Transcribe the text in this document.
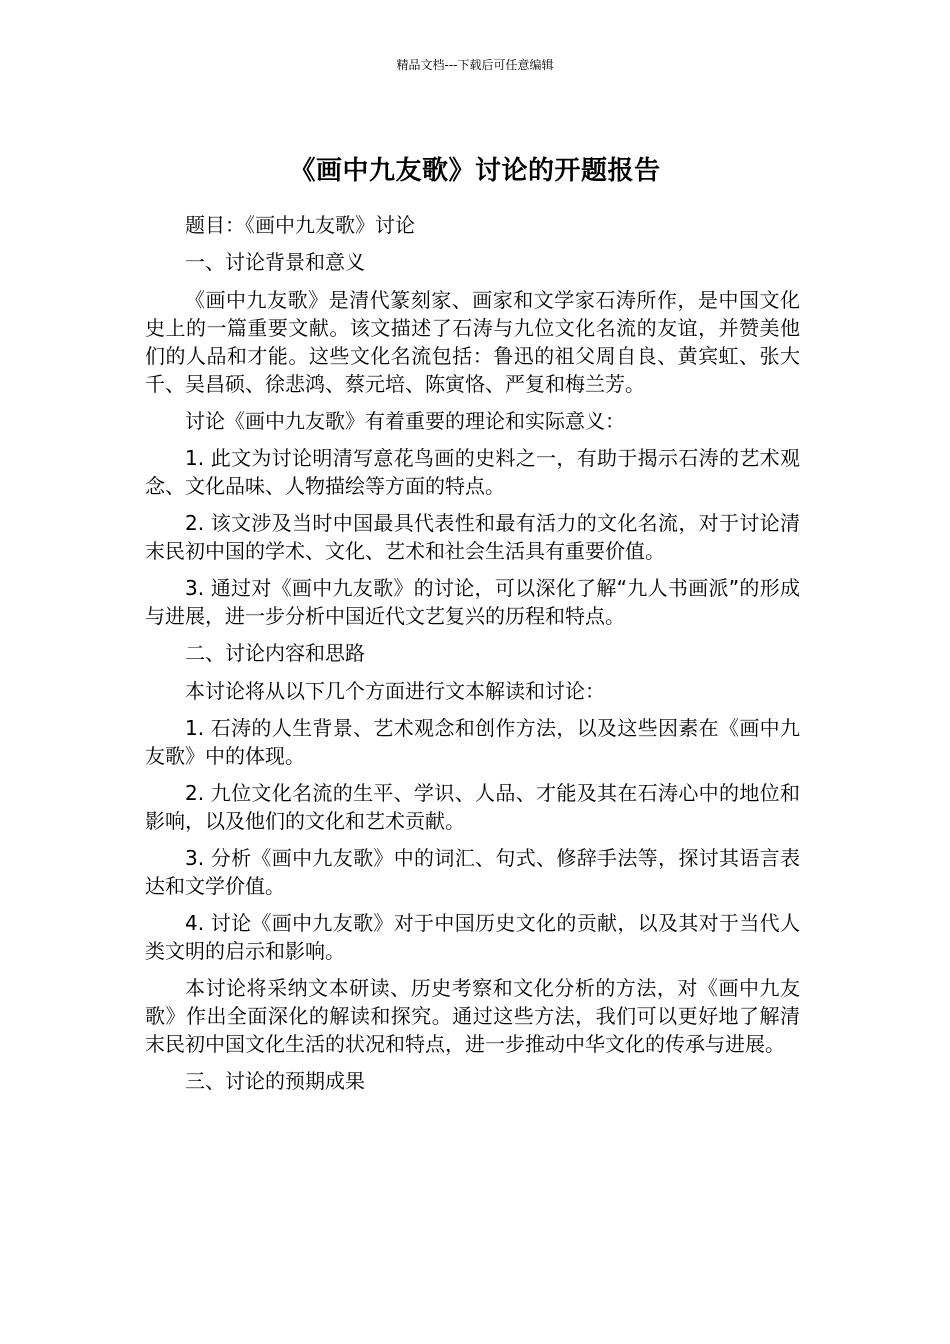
精品文档---下载后可任意编辑
《画中九友歌》讨论的开题报告

题目：《画中九友歌》讨论

一、讨论背景和意义

《画中九友歌》是清代篆刻家、画家和文学家石涛所作，是中国文化史上的一篇重要文献。该文描述了石涛与九位文化名流的友谊，并赞美他们的人品和才能。这些文化名流包括：鲁迅的祖父周自良、黄宾虹、张大千、吴昌硕、徐悲鸿、蔡元培、陈寅恪、严复和梅兰芳。

讨论《画中九友歌》有着重要的理论和实际意义：

1. 此文为讨论明清写意花鸟画的史料之一，有助于揭示石涛的艺术观念、文化品味、人物描绘等方面的特点。

2. 该文涉及当时中国最具代表性和最有活力的文化名流，对于讨论清末民初中国的学术、文化、艺术和社会生活具有重要价值。

3. 通过对《画中九友歌》的讨论，可以深化了解“九人书画派”的形成与进展，进一步分析中国近代文艺复兴的历程和特点。

二、讨论内容和思路

本讨论将从以下几个方面进行文本解读和讨论：

1. 石涛的人生背景、艺术观念和创作方法，以及这些因素在《画中九友歌》中的体现。

2. 九位文化名流的生平、学识、人品、才能及其在石涛心中的地位和影响，以及他们的文化和艺术贡献。

3. 分析《画中九友歌》中的词汇、句式、修辞手法等，探讨其语言表达和文学价值。

4. 讨论《画中九友歌》对于中国历史文化的贡献，以及其对于当代人类文明的启示和影响。

本讨论将采纳文本研读、历史考察和文化分析的方法，对《画中九友歌》作出全面深化的解读和探究。通过这些方法，我们可以更好地了解清末民初中国文化生活的状况和特点，进一步推动中华文化的传承与进展。

三、讨论的预期成果
